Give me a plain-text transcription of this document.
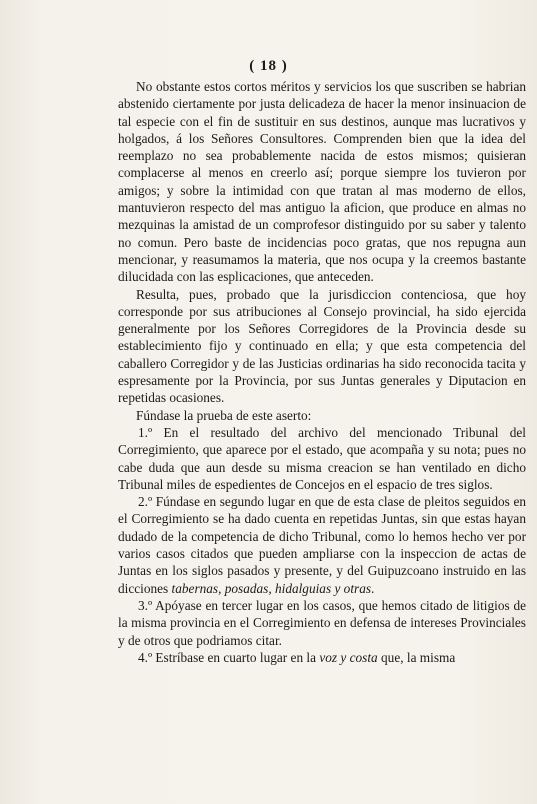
( 18 )

No obstante estos cortos méritos y servicios los que suscriben se habrian abstenido ciertamente por justa delicadeza de hacer la menor insinuacion de tal especie con el fin de sustituir en sus destinos, aunque mas lucrativos y holgados, á los Señores Consultores. Comprenden bien que la idea del reemplazo no sea probablemente nacida de estos mismos; quisieran complacerse al menos en creerlo así; porque siempre los tuvieron por amigos; y sobre la intimidad con que tratan al mas moderno de ellos, mantuvieron respecto del mas antiguo la aficion, que produce en almas no mezquinas la amistad de un comprofesor distinguido por su saber y talento no comun. Pero baste de incidencias poco gratas, que nos repugna aun mencionar, y reasumamos la materia, que nos ocupa y la creemos bastante dilucidada con las esplicaciones, que anteceden.

Resulta, pues, probado que la jurisdiccion contenciosa, que hoy corresponde por sus atribuciones al Consejo provincial, ha sido ejercida generalmente por los Señores Corregidores de la Provincia desde su establecimiento fijo y continuado en ella; y que esta competencia del caballero Corregidor y de las Justicias ordinarias ha sido reconocida tacita y espresamente por la Provincia, por sus Juntas generales y Diputacion en repetidas ocasiones.

Fúndase la prueba de este aserto:

1.º En el resultado del archivo del mencionado Tribunal del Corregimiento, que aparece por el estado, que acompaña y su nota; pues no cabe duda que aun desde su misma creacion se han ventilado en dicho Tribunal miles de espedientes de Concejos en el espacio de tres siglos.

2.º Fúndase en segundo lugar en que de esta clase de pleitos seguidos en el Corregimiento se ha dado cuenta en repetidas Juntas, sin que estas hayan dudado de la competencia de dicho Tribunal, como lo hemos hecho ver por varios casos citados que pueden ampliarse con la inspeccion de actas de Juntas en los siglos pasados y presente, y del Guipuzcoano instruido en las dicciones tabernas, posadas, hidalguias y otras.

3.º Apóyase en tercer lugar en los casos, que hemos citado de litigios de la misma provincia en el Corregimiento en defensa de intereses Provinciales y de otros que podriamos citar.

4.º Estríbase en cuarto lugar en la voz y costa que, la misma
